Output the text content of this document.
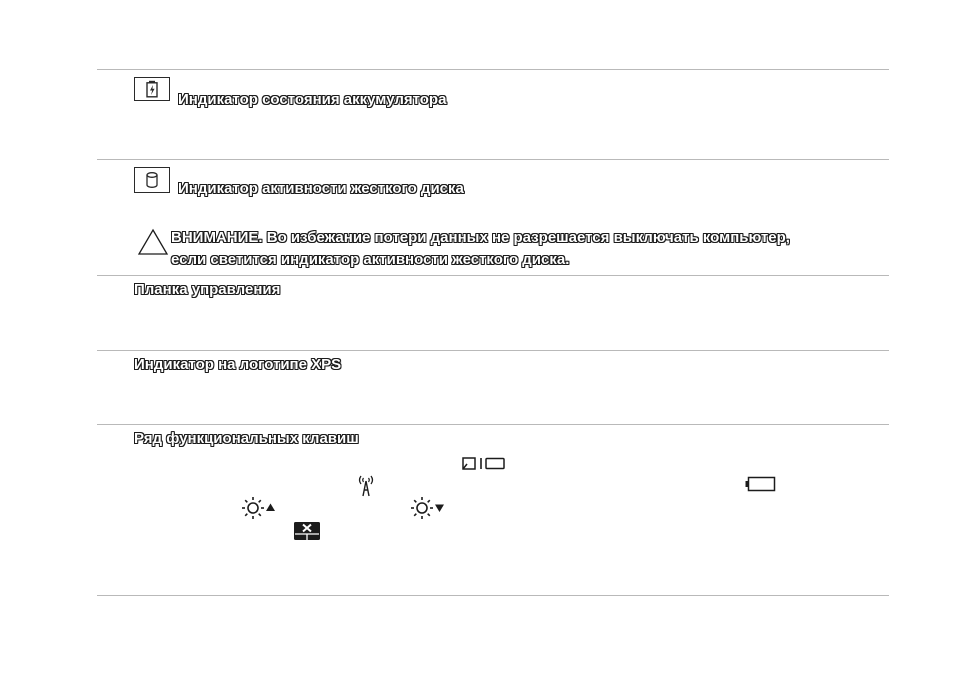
Индикатор состояния аккумулятора
Индикатор активности жесткого диска
ВНИМАНИЕ. Во избежание потери данных не разрешается выключать компьютер,
если светится индикатор активности жесткого диска.
Планка управления
Индикатор на логотипе XPS
Ряд функциональных клавиш
